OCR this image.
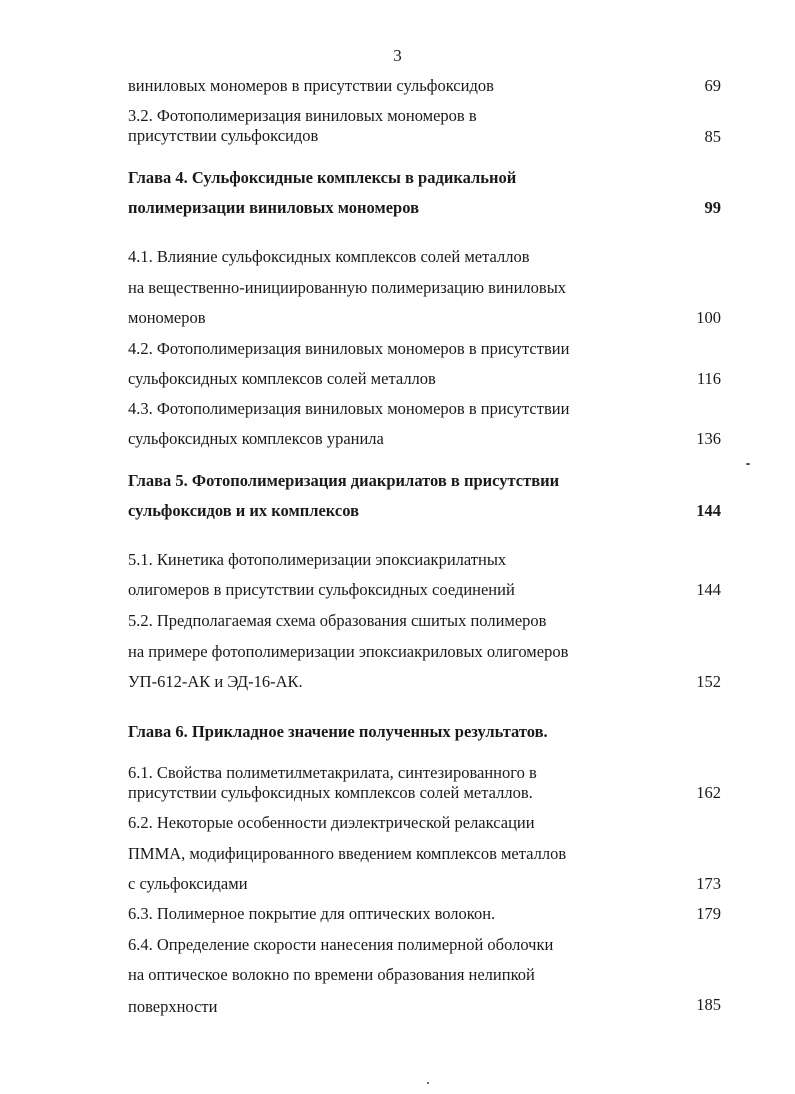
3
виниловых мономеров в присутствии сульфоксидов
3.2. Фотополимеризация виниловых мономеров в
присутствии сульфоксидов
Глава 4. Сульфоксидные комплексы в радикальной
полимеризации виниловых мономеров
4.1. Влияние сульфоксидных комплексов солей металлов
на вещественно-инициированную полимеризацию виниловых
мономеров
4.2. Фотополимеризация виниловых мономеров в присутствии
сульфоксидных комплексов солей металлов
4.3. Фотополимеризация виниловых мономеров в присутствии
сульфоксидных комплексов уранила
Глава 5. Фотополимеризация диакрилатов в присутствии
сульфоксидов и их комплексов
5.1. Кинетика фотополимеризации эпоксиакрилатных
олигомеров в присутствии сульфоксидных соединений
5.2. Предполагаемая схема образования сшитых полимеров
на примере фотополимеризации эпоксиакриловых олигомеров
УП-612-АК и ЭД-16-АК.
Глава 6. Прикладное значение полученных результатов.
6.1. Свойства полиметилметакрилата, синтезированного в
присутствии сульфоксидных комплексов солей металлов.
6.2. Некоторые особенности диэлектрической релаксации
ПММА, модифицированного введением комплексов металлов
с сульфоксидами
6.3. Полимерное покрытие для оптических волокон.
6.4. Определение скорости нанесения полимерной оболочки
на оптическое волокно по времени образования нелипкой
поверхности
69
85
99
100
116
136
144
144
152
162
173
179
185
